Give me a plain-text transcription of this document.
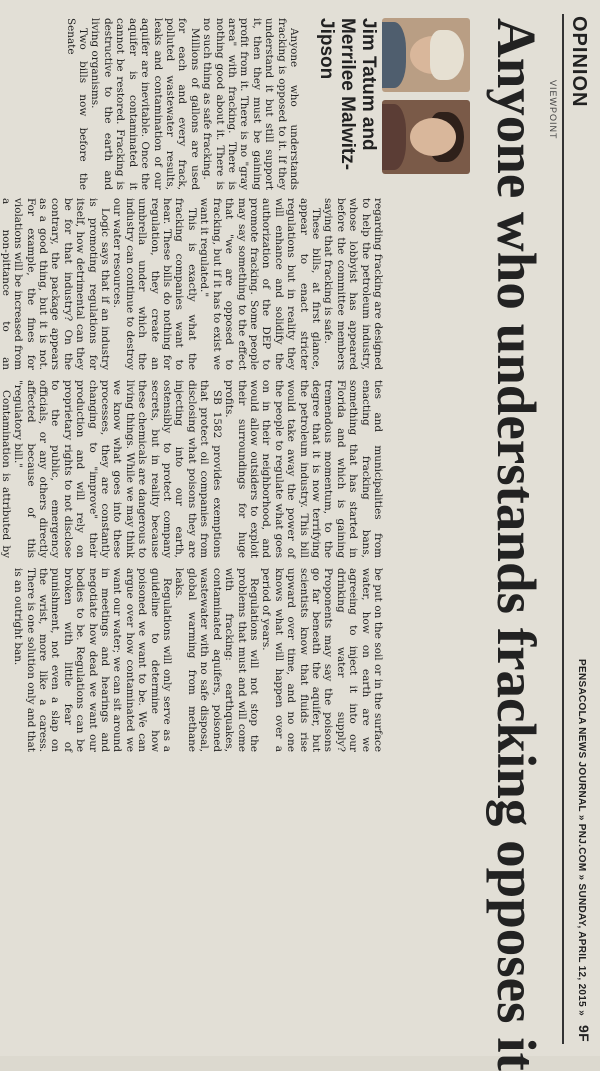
OPINION
PENSACOLA NEWS JOURNAL » PNJ.COM » SUNDAY, APRIL 12, 2015 » 9F
VIEWPOINT
Anyone who understands fracking opposes it
Jim Tatum and Merrilee Malwitz-Jipson

Anyone who understands fracking is opposed to it. If they understand it but still support it, then they must be gaining profit from it. There is no "gray area" with fracking. There is nothing good about it. There is no such thing as safe fracking.

Millions of gallons are used for each and every frack, polluted wastewater results, leaks and contamination of our aquifer are inevitable. Once the aquifer is contaminated it cannot be restored. Fracking is destructive to the earth and living organisms.

Two bills now before the Senate

regarding fracking are designed to help the petroleum industry, whose lobbyist has appeared before the committee members saying that fracking is safe.

These bills, at first glance, appear to enact stricter regulations but in reality they will enhance and solidify the authorization of the DEP to promote fracking. Some people may say something to the effect that "we are opposed to fracking, but if it has to exist we want it regulated."

This is exactly what the fracking companies want to hear. These bills do nothing for regulation, they create an umbrella under which the industry can continue to destroy our water resources.

Logic says that if an industry is promoting regulations for itself, how detrimental can they be for that industry? On the contrary, the package appears as a good thing, but it is not. For example, the fines for violations will be increased from a non-pittance to an

ties and municipalities from enacting fracking bans, something that has started in Florida and which is gaining tremendous momentum, to the degree that it is now terrifying the petroleum industry. This bill would take away the power of the people to regulate what goes on in their neighborhood, and would allow outsiders to exploit their surroundings for huge profits.

SB 1582 provides exemptions that protect oil companies from disclosing what poisons they are injecting into our earth, ostensibly to protect company secrets, but in reality because these chemicals are dangerous to living things. While we may think we know what goes into these processes, they are constantly changing to "improve" their production and will rely on proprietary rights to not disclose to the public, emergency officials, or any others directly affected because of this "regulatory bill."

Contamination is attributed by

be put on the soil or in the surface water, how on earth are we agreeing to inject it into our drinking water supply? Proponents may say the poisons go far beneath the aquifer, but scientists know that fluids rise upward over time, and no one knows what will happen over a period of years.

Regulations will not stop the problems that must and will come with fracking: earthquakes, contaminated aquifers, poisoned wastewater with no safe disposal, global warming from methane leaks.

Regulations will only serve as a guideline to determine how poisoned we want to be. We can argue over how contaminated we want our water; we can sit around in meetings and hearings and negotiate how dead we want our bodies to be. Regulations can be broken with little fear of punishment, not even a slap on the wrist, more like a caress. There is one solution only and that is an outright ban.
